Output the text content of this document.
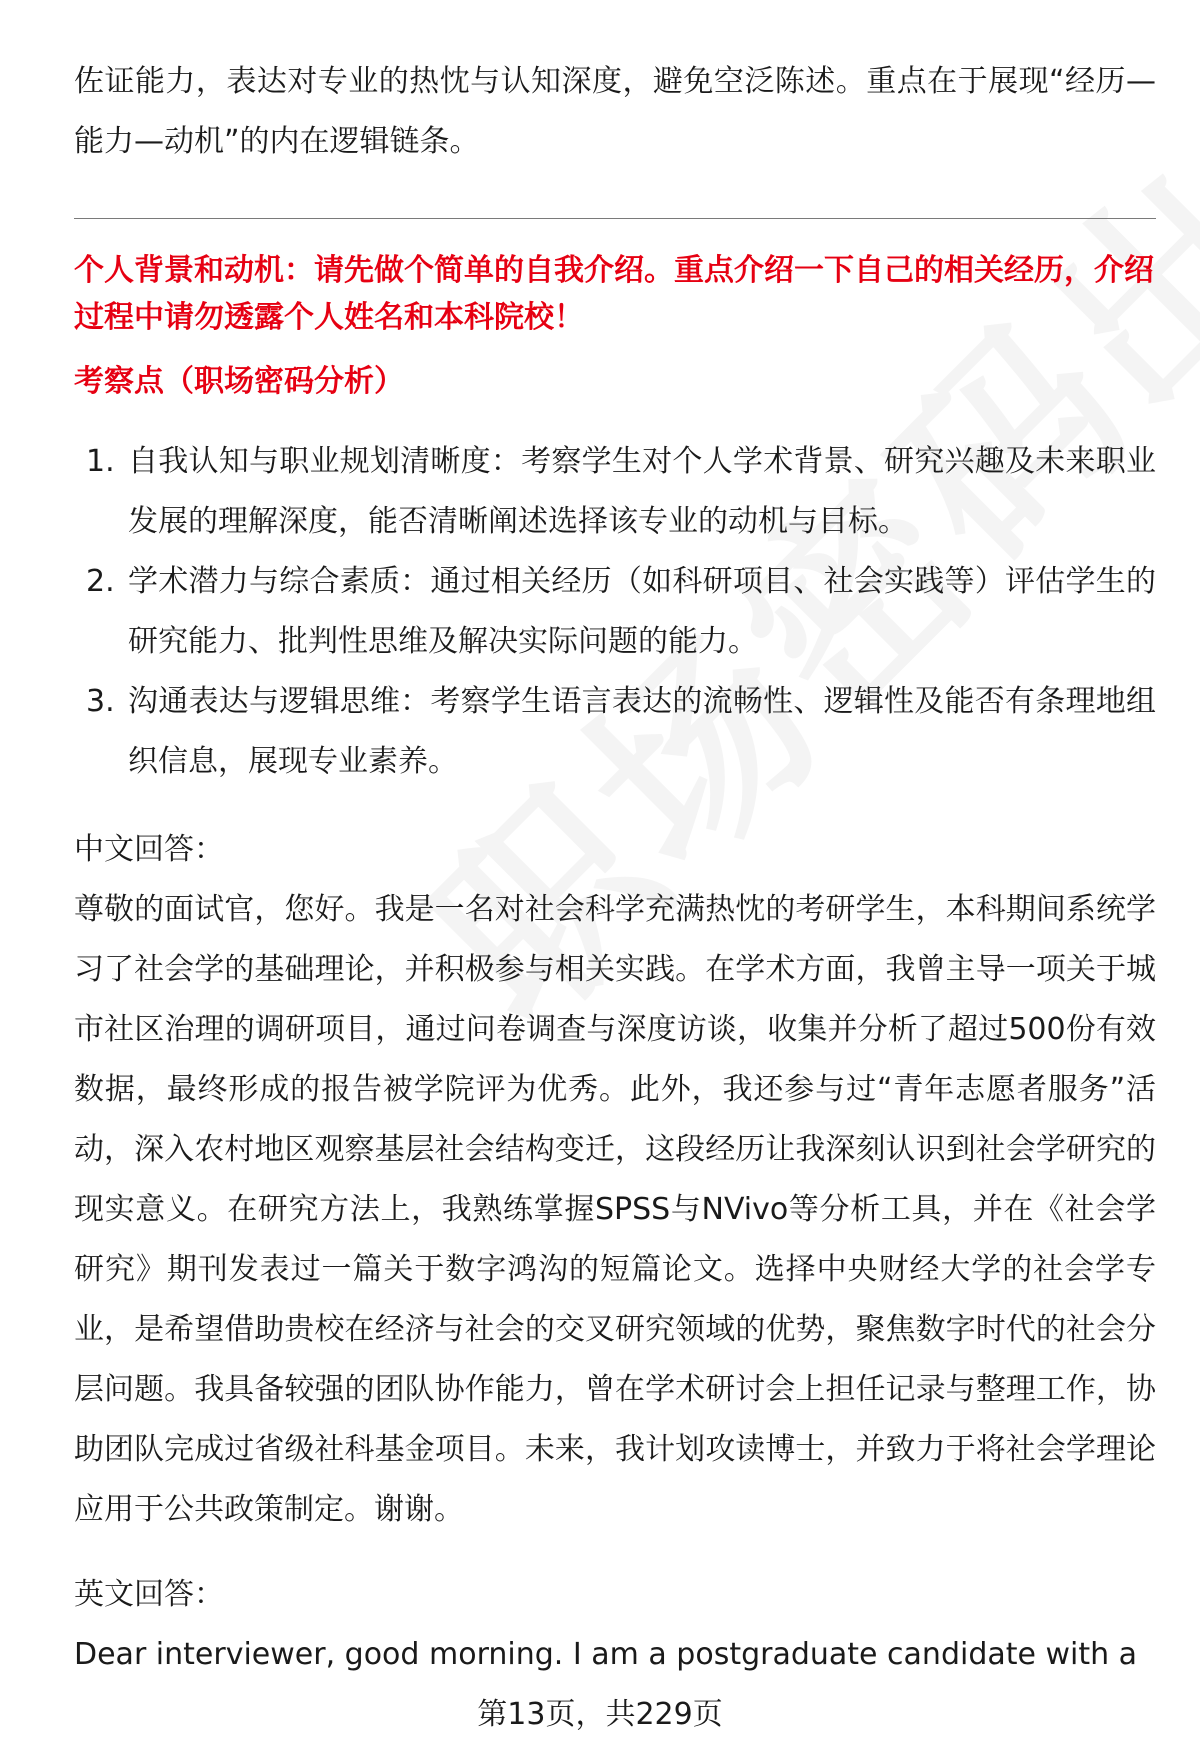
佐证能力，表达对专业的热忱与认知深度，避免空泛陈述。重点在于展现“经历—能力—动机”的内在逻辑链条。

个人背景和动机：请先做个简单的自我介绍。重点介绍一下自己的相关经历，介绍过程中请勿透露个人姓名和本科院校！

考察点（职场密码分析）

1. 自我认知与职业规划清晰度：考察学生对个人学术背景、研究兴趣及未来职业发展的理解深度，能否清晰阐述选择该专业的动机与目标。
2. 学术潜力与综合素质：通过相关经历（如科研项目、社会实践等）评估学生的研究能力、批判性思维及解决实际问题的能力。
3. 沟通表达与逻辑思维：考察学生语言表达的流畅性、逻辑性及能否有条理地组织信息，展现专业素养。

中文回答：

尊敬的面试官，您好。我是一名对社会科学充满热忱的考研学生，本科期间系统学习了社会学的基础理论，并积极参与相关实践。在学术方面，我曾主导一项关于城市社区治理的调研项目，通过问卷调查与深度访谈，收集并分析了超过500份有效数据，最终形成的报告被学院评为优秀。此外，我还参与过“青年志愿者服务”活动，深入农村地区观察基层社会结构变迁，这段经历让我深刻认识到社会学研究的现实意义。在研究方法上，我熟练掌握SPSS与NVivo等分析工具，并在《社会学研究》期刊发表过一篇关于数字鸿沟的短篇论文。选择中央财经大学的社会学专业，是希望借助贵校在经济与社会的交叉研究领域的优势，聚焦数字时代的社会分层问题。我具备较强的团队协作能力，曾在学术研讨会上担任记录与整理工作，协助团队完成过省级社科基金项目。未来，我计划攻读博士，并致力于将社会学理论应用于公共政策制定。谢谢。

英文回答：

Dear interviewer, good morning. I am a postgraduate candidate with a

第13页，共229页
